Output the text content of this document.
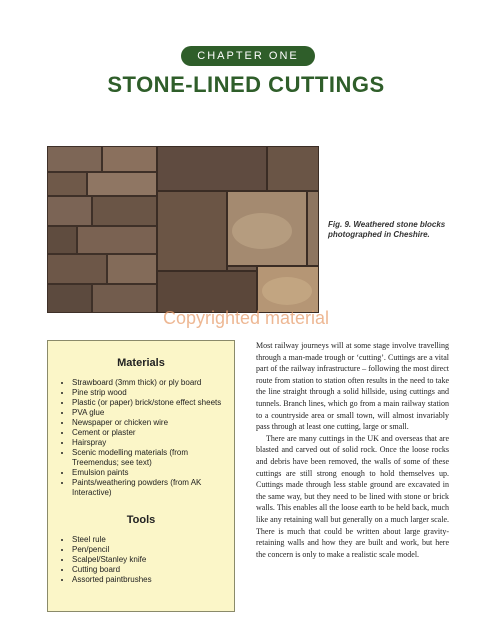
CHAPTER ONE
STONE-LINED CUTTINGS
Fig. 9. Weathered stone blocks photographed in Cheshire.
Copyrighted material
Materials
• Strawboard (3mm thick) or ply board
• Pine strip wood
• Plastic (or paper) brick/stone effect sheets
• PVA glue
• Newspaper or chicken wire
• Cement or plaster
• Hairspray
• Scenic modelling materials (from Treemendus; see text)
• Emulsion paints
• Paints/weathering powders (from AK Interactive)
Tools
• Steel rule
• Pen/pencil
• Scalpel/Stanley knife
• Cutting board
• Assorted paintbrushes

Most railway journeys will at some stage involve travelling through a man-made trough or ‘cutting’. Cuttings are a vital part of the railway infrastructure – following the most direct route from station to station often results in the need to take the line straight through a solid hillside, using cuttings and tunnels. Branch lines, which go from a main railway station to a countryside area or small town, will almost invariably pass through at least one cutting, large or small.

There are many cuttings in the UK and overseas that are blasted and carved out of solid rock. Once the loose rocks and debris have been removed, the walls of some of these cuttings are still strong enough to hold themselves up. Cuttings made through less stable ground are excavated in the same way, but they need to be lined with stone or brick walls. This enables all the loose earth to be held back, much like any retaining wall but generally on a much larger scale. There is much that could be written about large gravity-retaining walls and how they are built and work, but here the concern is only to make a realistic scale model.
